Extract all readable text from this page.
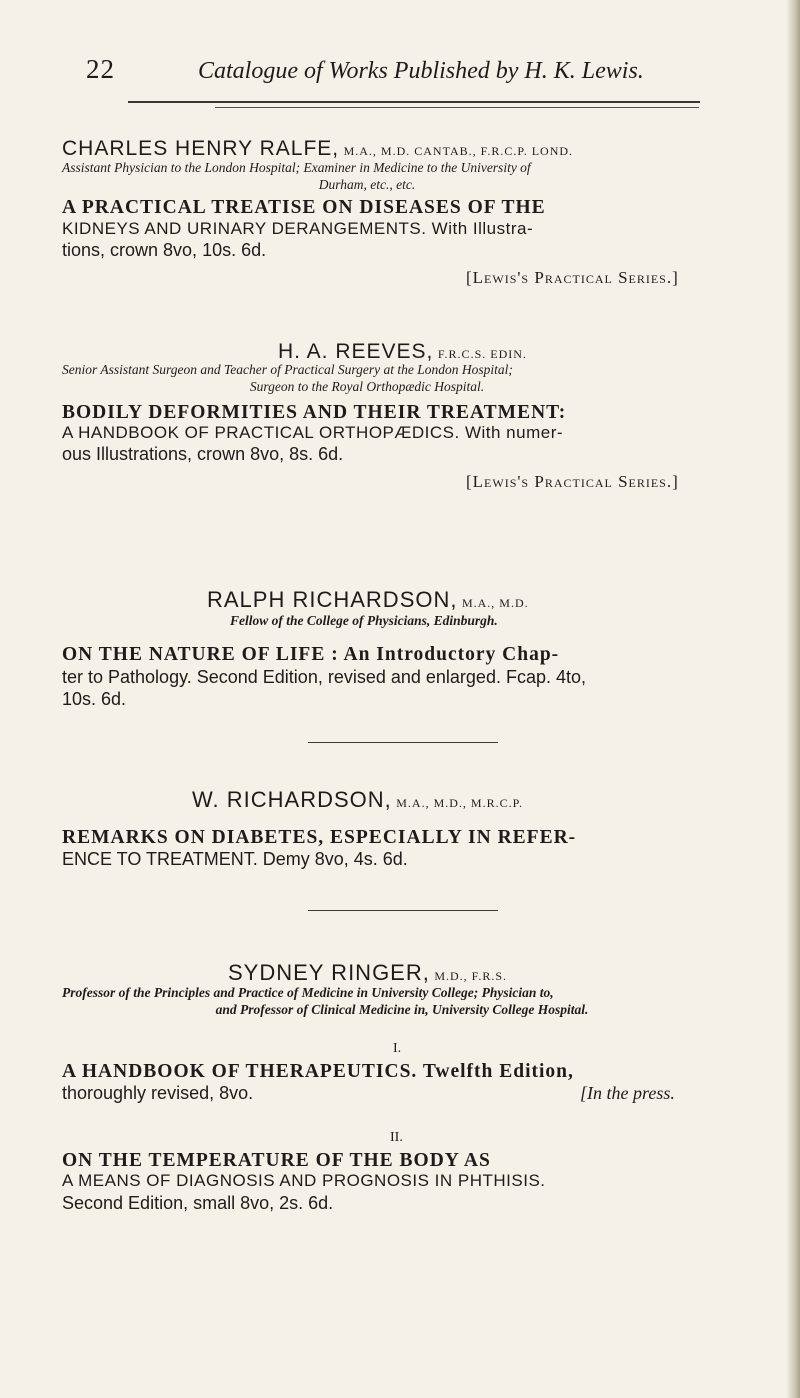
22	Catalogue of Works Published by H. K. Lewis.
CHARLES HENRY RALFE, M.A., M.D. CANTAB., F.R.C.P. LOND.
Assistant Physician to the London Hospital; Examiner in Medicine to the University of
Durham, etc., etc.
A PRACTICAL TREATISE ON DISEASES OF THE
KIDNEYS AND URINARY DERANGEMENTS. With Illustra-
tions, crown 8vo, 10s. 6d.
[Lewis's Practical Series.]
H. A. REEVES, F.R.C.S. EDIN.
Senior Assistant Surgeon and Teacher of Practical Surgery at the London Hospital;
Surgeon to the Royal Orthopædic Hospital.
BODILY DEFORMITIES AND THEIR TREATMENT:
A HANDBOOK OF PRACTICAL ORTHOPÆDICS. With numer-
ous Illustrations, crown 8vo, 8s. 6d.
[Lewis's Practical Series.]
RALPH RICHARDSON, M.A., M.D.
Fellow of the College of Physicians, Edinburgh.
ON THE NATURE OF LIFE : An Introductory Chap-
ter to Pathology. Second Edition, revised and enlarged. Fcap. 4to,
10s. 6d.
W. RICHARDSON, M.A., M.D., M.R.C.P.
REMARKS ON DIABETES, ESPECIALLY IN REFER-
ENCE TO TREATMENT. Demy 8vo, 4s. 6d.
SYDNEY RINGER, M.D., F.R.S.
Professor of the Principles and Practice of Medicine in University College; Physician to,
and Professor of Clinical Medicine in, University College Hospital.
I.
A HANDBOOK OF THERAPEUTICS. Twelfth Edition,
thoroughly revised, 8vo.	[In the press.
II.
ON THE TEMPERATURE OF THE BODY AS
A MEANS OF DIAGNOSIS AND PROGNOSIS IN PHTHISIS.
Second Edition, small 8vo, 2s. 6d.
